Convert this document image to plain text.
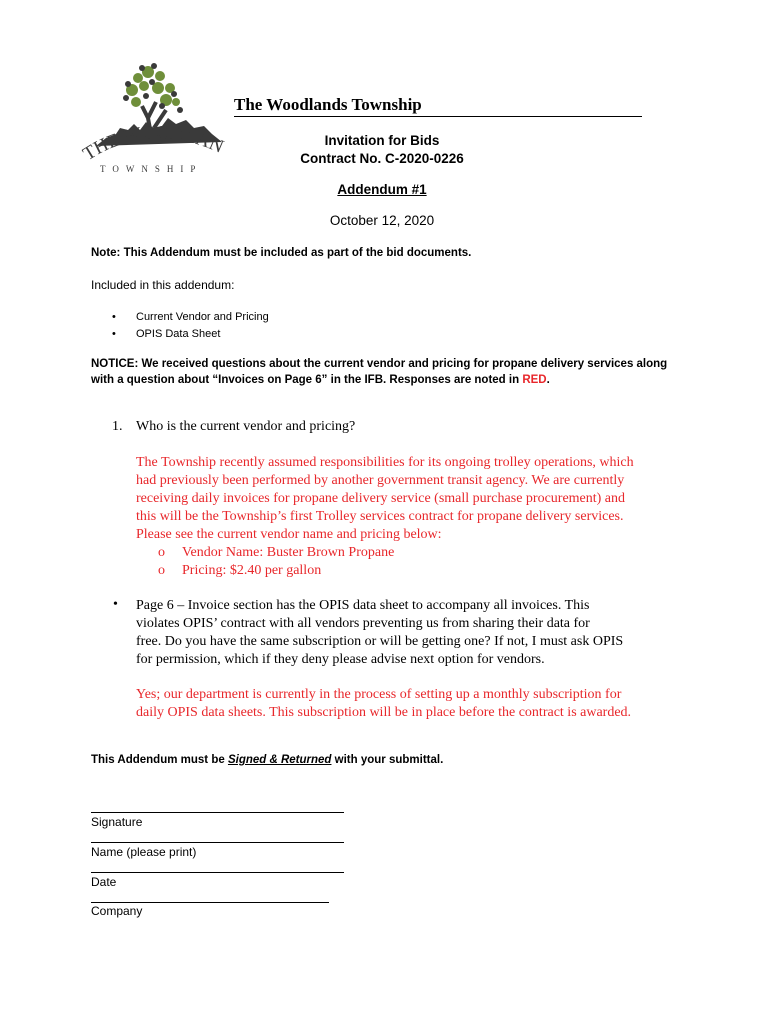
THE WOODLAN
TOWNSHIP
The Woodlands Township
Invitation for Bids
Contract No. C-2020-0226
Addendum #1
October 12, 2020
Note: This Addendum must be included as part of the bid documents.
Included in this addendum:
• Current Vendor and Pricing
• OPIS Data Sheet
NOTICE: We received questions about the current vendor and pricing for propane delivery services along with a question about “Invoices on Page 6” in the IFB. Responses are noted in RED.
1. Who is the current vendor and pricing?
The Township recently assumed responsibilities for its ongoing trolley operations, which
had previously been performed by another government transit agency. We are currently
receiving daily invoices for propane delivery service (small purchase procurement) and
this will be the Township’s first Trolley services contract for propane delivery services.
Please see the current vendor name and pricing below:
o Vendor Name: Buster Brown Propane
o Pricing: $2.40 per gallon
• Page 6 – Invoice section has the OPIS data sheet to accompany all invoices. This
violates OPIS’ contract with all vendors preventing us from sharing their data for
free. Do you have the same subscription or will be getting one? If not, I must ask OPIS
for permission, which if they deny please advise next option for vendors.
Yes; our department is currently in the process of setting up a monthly subscription for
daily OPIS data sheets. This subscription will be in place before the contract is awarded.
This Addendum must be Signed & Returned with your submittal.
Signature
Name (please print)
Date
Company
